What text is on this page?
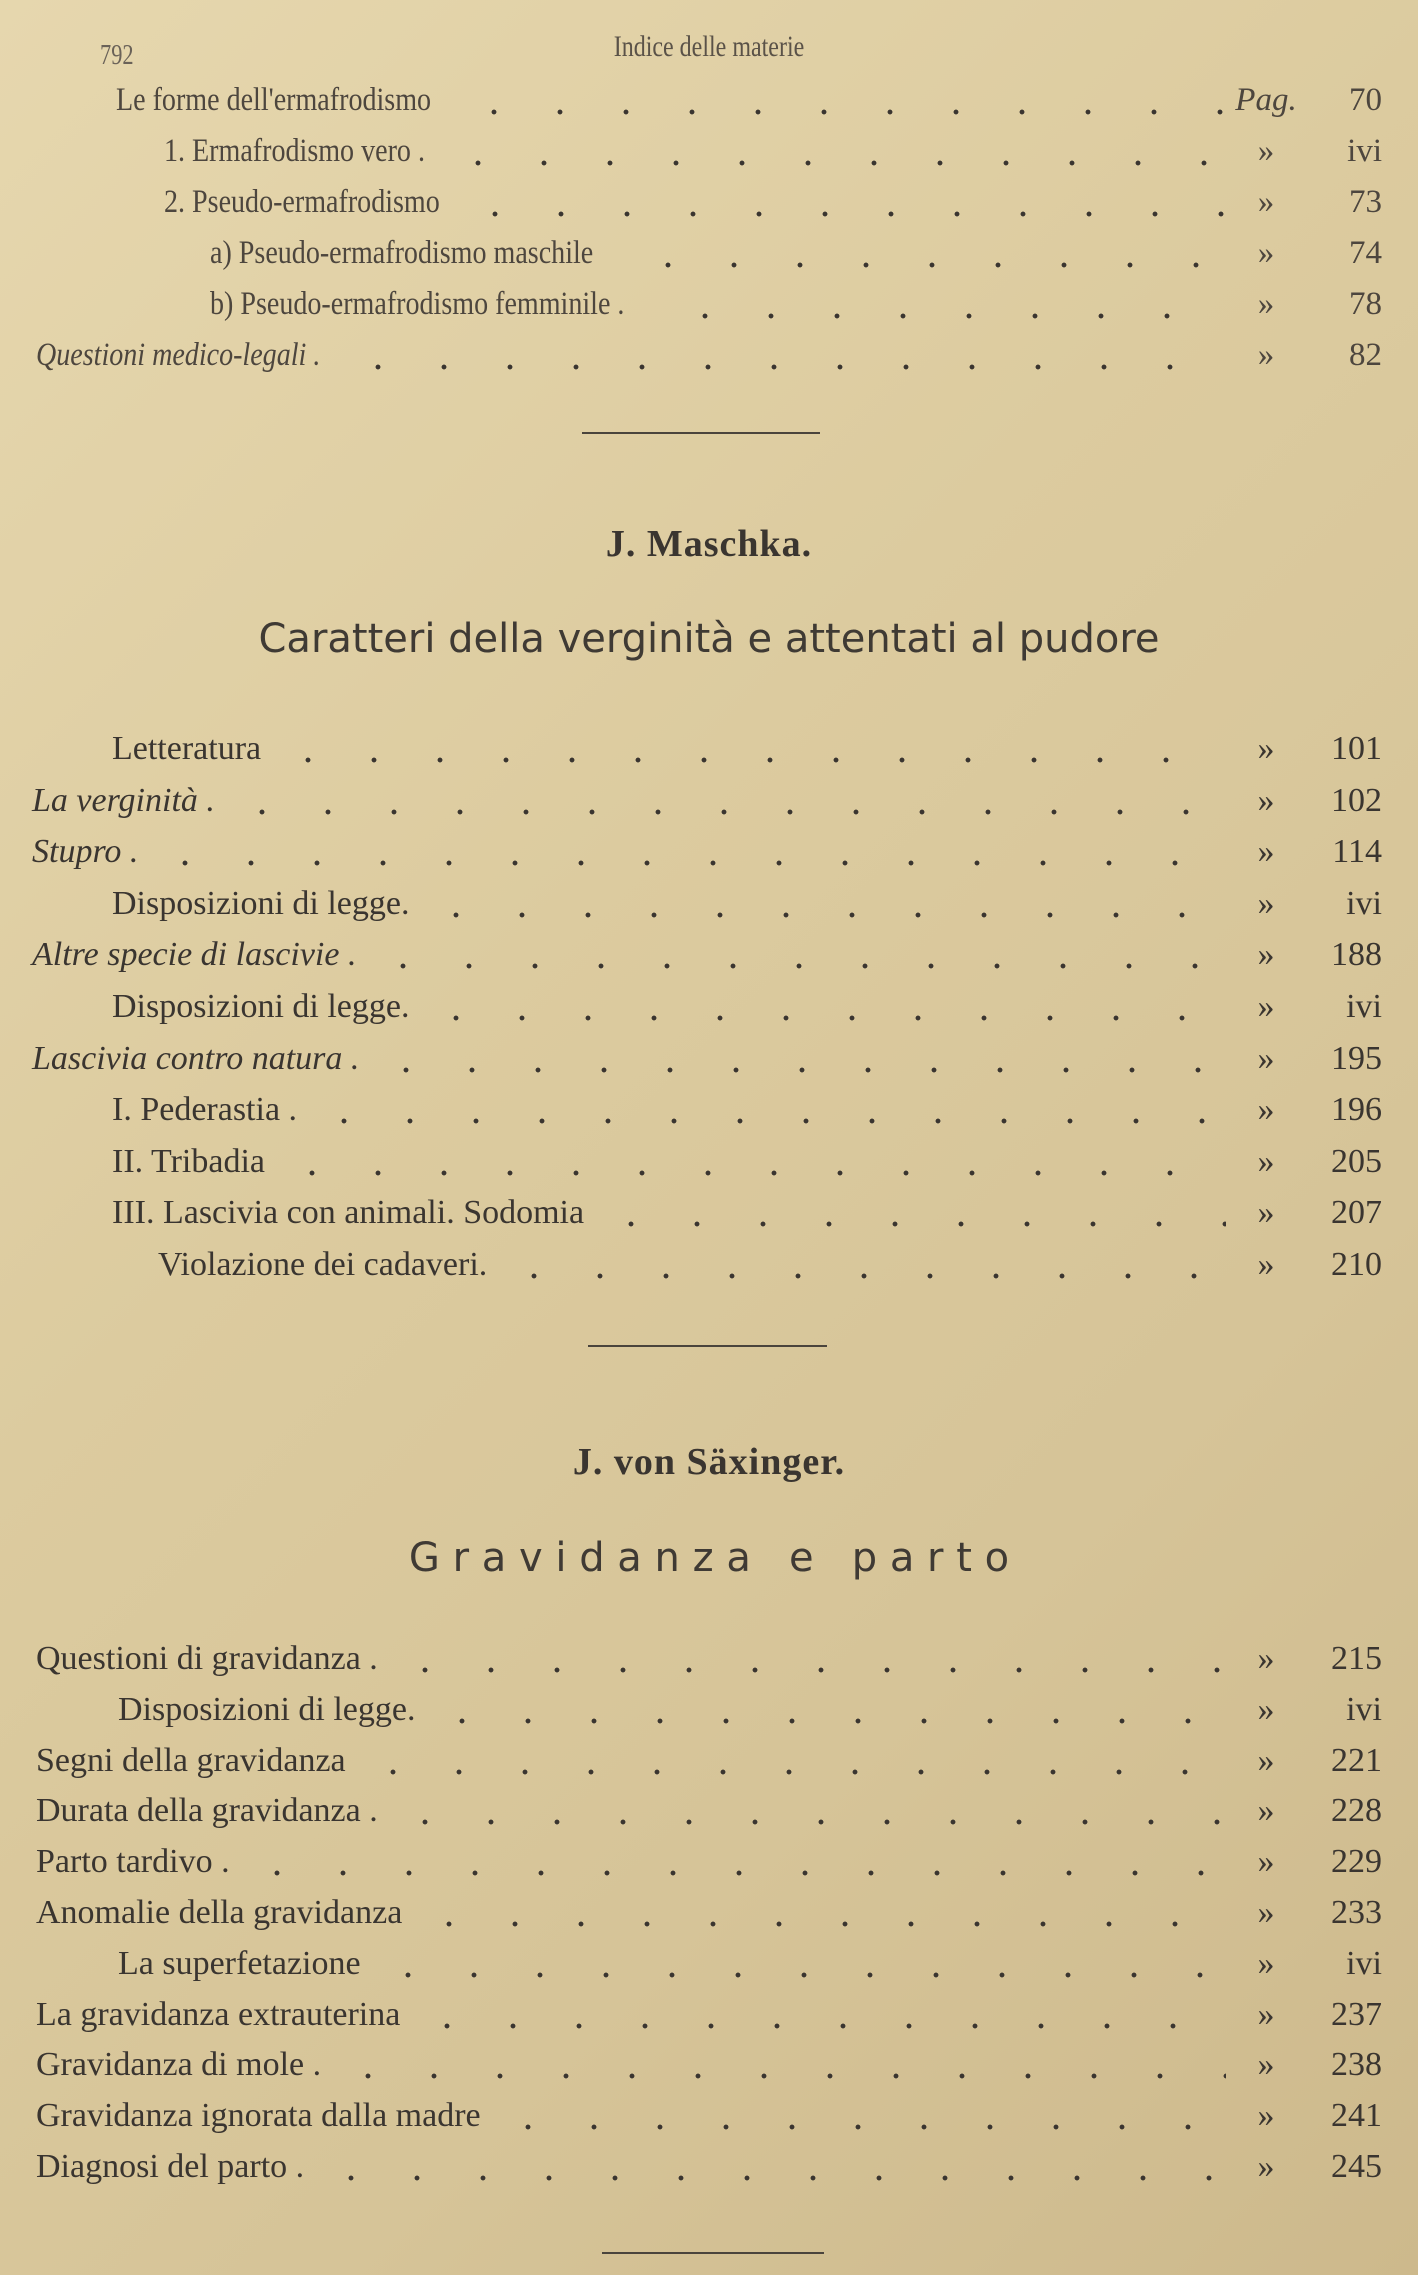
792	Indice delle materie
Le forme dell'ermafrodismo	Pag.	70
1. Ermafrodismo vero .	»	ivi
2. Pseudo-ermafrodismo	»	73
a) Pseudo-ermafrodismo maschile	»	74
b) Pseudo-ermafrodismo femminile .	»	78
Questioni medico-legali .	»	82
J. Maschka.
Caratteri della verginità e attentati al pudore
Letteratura	»	101
La verginità .	»	102
Stupro .	»	114
Disposizioni di legge.	»	ivi
Altre specie di lascivie .	»	188
Disposizioni di legge.	»	ivi
Lascivia contro natura .	»	195
I. Pederastia .	»	196
II. Tribadia	»	205
III. Lascivia con animali. Sodomia	»	207
Violazione dei cadaveri.	»	210
J. von Säxinger.
G r a v i d a n z a   e   p a r t o
Questioni di gravidanza .	»	215
Disposizioni di legge.	»	ivi
Segni della gravidanza	»	221
Durata della gravidanza .	»	228
Parto tardivo .	»	229
Anomalie della gravidanza	»	233
La superfetazione	»	ivi
La gravidanza extrauterina	»	237
Gravidanza di mole .	»	238
Gravidanza ignorata dalla madre	»	241
Diagnosi del parto .	»	245
